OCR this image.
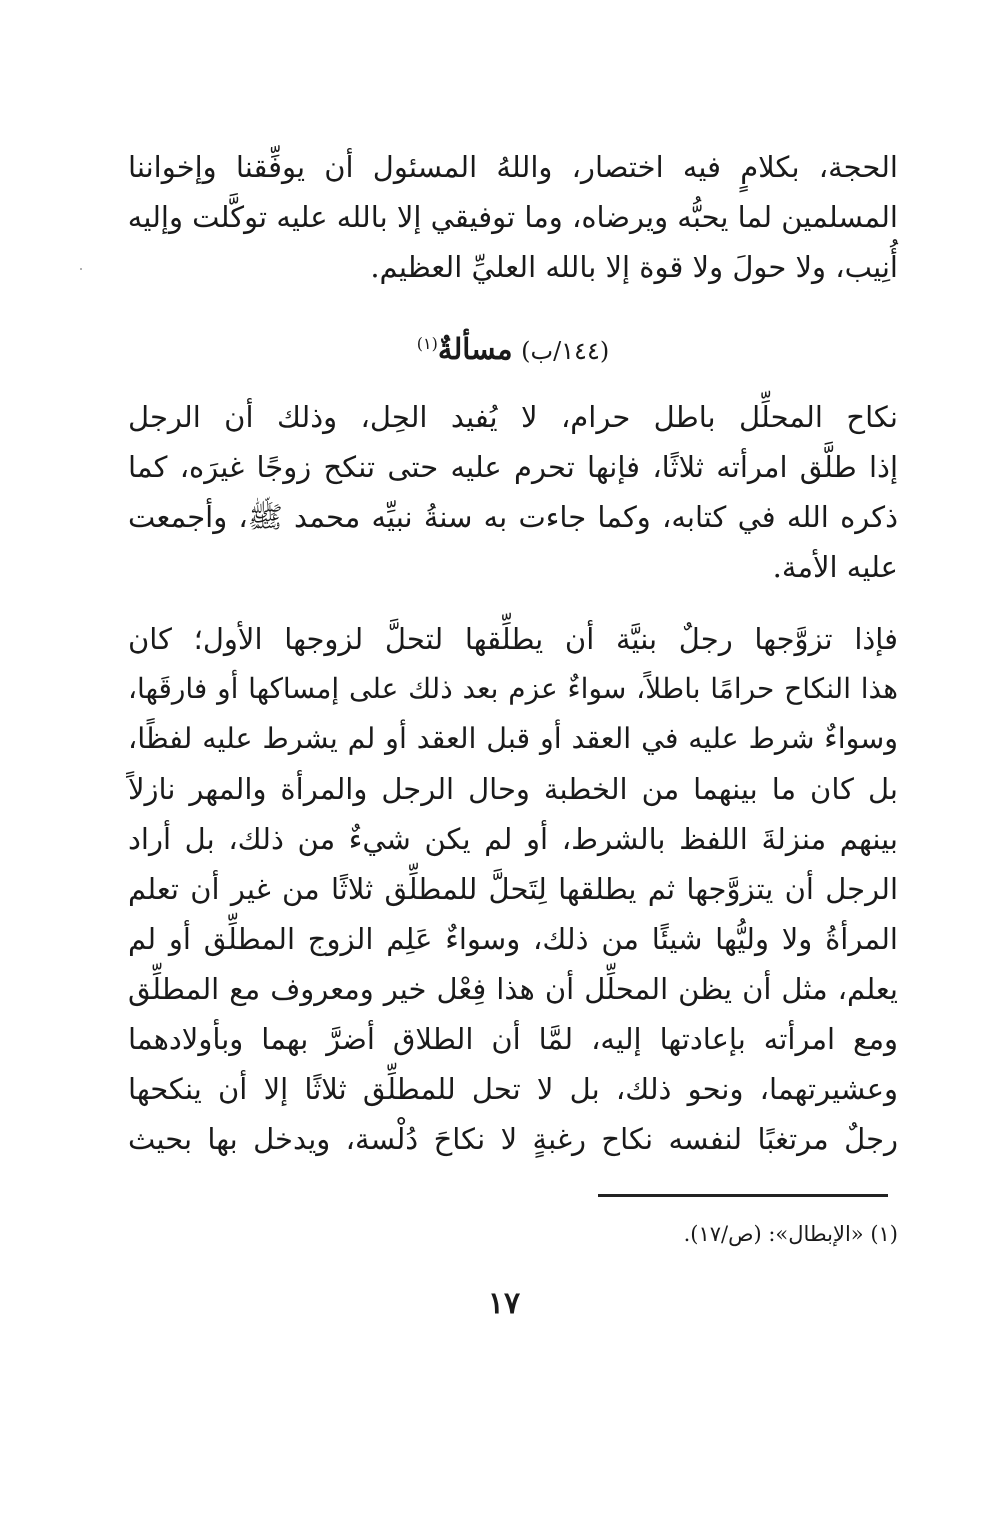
الحجة، بكلامٍ فيه اختصار، واللهُ المسئول أن يوفِّقنا وإخواننا
المسلمين لما يحبُّه ويرضاه، وما توفيقي إلا بالله عليه توكَّلت وإليه
أُنِيب، ولا حولَ ولا قوة إلا بالله العليِّ العظيم.
(١٤٤/ب) مسألةٌ$^{(١)}$
نكاح المحلِّل باطل حرام، لا يُفيد الحِل، وذلك أن الرجل
إذا طلَّق امرأته ثلاثًا، فإنها تحرم عليه حتى تنكح زوجًا غيرَه، كما
ذكره الله في كتابه، وكما جاءت به سنةُ نبيِّه محمد ﷺ، وأجمعت
عليه الأمة.
فإذا تزوَّجها رجلٌ بنيَّة أن يطلِّقها لتحلَّ لزوجها الأول؛ كان
هذا النكاح حرامًا باطلاً، سواءٌ عزم بعد ذلك على إمساكها أو فارقَها،
وسواءٌ شرط عليه في العقد أو قبل العقد أو لم يشرط عليه لفظًا،
بل كان ما بينهما من الخطبة وحال الرجل والمرأة والمهر نازلاً
بينهم منزلةَ اللفظ بالشرط، أو لم يكن شيءٌ من ذلك، بل أراد
الرجل أن يتزوَّجها ثم يطلقها لِتَحلَّ للمطلِّق ثلاثًا من غير أن تعلم
المرأةُ ولا وليُّها شيئًا من ذلك، وسواءٌ عَلِم الزوج المطلِّق أو لم
يعلم، مثل أن يظن المحلِّل أن هذا فِعْل خير ومعروف مع المطلِّق
ومع امرأته بإعادتها إليه، لمَّا أن الطلاق أضرَّ بهما وبأولادهما
وعشيرتهما، ونحو ذلك، بل لا تحل للمطلِّق ثلاثًا إلا أن ينكحها
رجلٌ مرتغبًا لنفسه نكاح رغبةٍ لا نكاحَ دُلْسة، ويدخل بها بحيث
(١) «الإبطال»: (ص/١٧).
١٧
